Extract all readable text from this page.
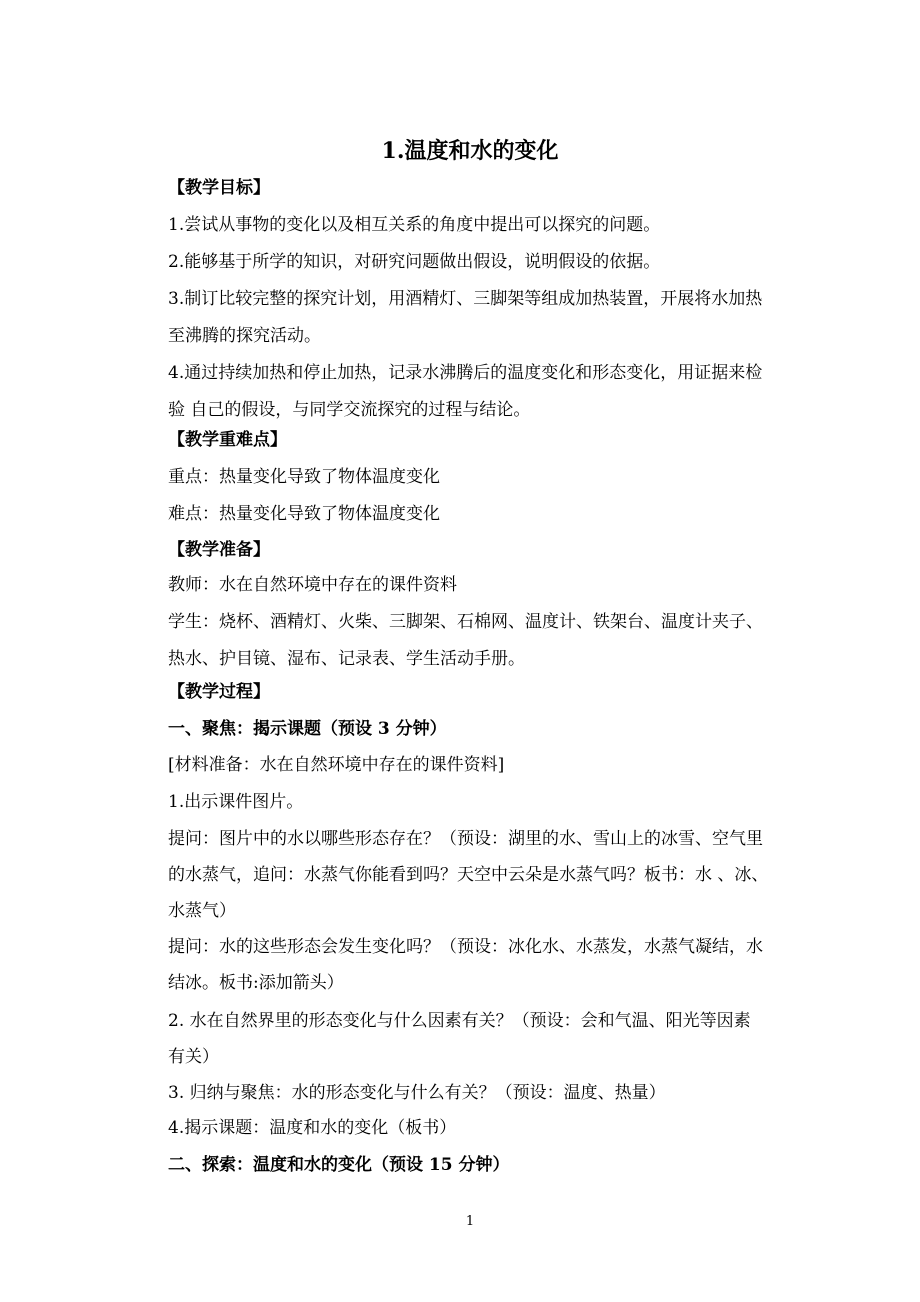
1.温度和水的变化
【教学目标】
1.尝试从事物的变化以及相互关系的角度中提出可以探究的问题。
2.能够基于所学的知识，对研究问题做出假设，说明假设的依据。
3.制订比较完整的探究计划，用酒精灯、三脚架等组成加热装置，开展将水加热
至沸腾的探究活动。
4.通过持续加热和停止加热，记录水沸腾后的温度变化和形态变化，用证据来检
验 自己的假设，与同学交流探究的过程与结论。
【教学重难点】
重点：热量变化导致了物体温度变化
难点：热量变化导致了物体温度变化
【教学准备】
教师：水在自然环境中存在的课件资料
学生：烧杯、酒精灯、火柴、三脚架、石棉网、温度计、铁架台、温度计夹子、
热水、护目镜、湿布、记录表、学生活动手册。
【教学过程】
一、聚焦：揭示课题（预设 3 分钟）
[材料准备：水在自然环境中存在的课件资料]
1.出示课件图片。
提问：图片中的水以哪些形态存在？（预设：湖里的水、雪山上的冰雪、空气里
的水蒸气，追问：水蒸气你能看到吗？天空中云朵是水蒸气吗？板书：水 、冰、
水蒸气）
提问：水的这些形态会发生变化吗？（预设：冰化水、水蒸发，水蒸气凝结，水
结冰。板书:添加箭头）
2. 水在自然界里的形态变化与什么因素有关？（预设：会和气温、阳光等因素
有关）
3. 归纳与聚焦：水的形态变化与什么有关？（预设：温度、热量）
4.揭示课题：温度和水的变化（板书）
二、探索：温度和水的变化（预设 15 分钟）
1
